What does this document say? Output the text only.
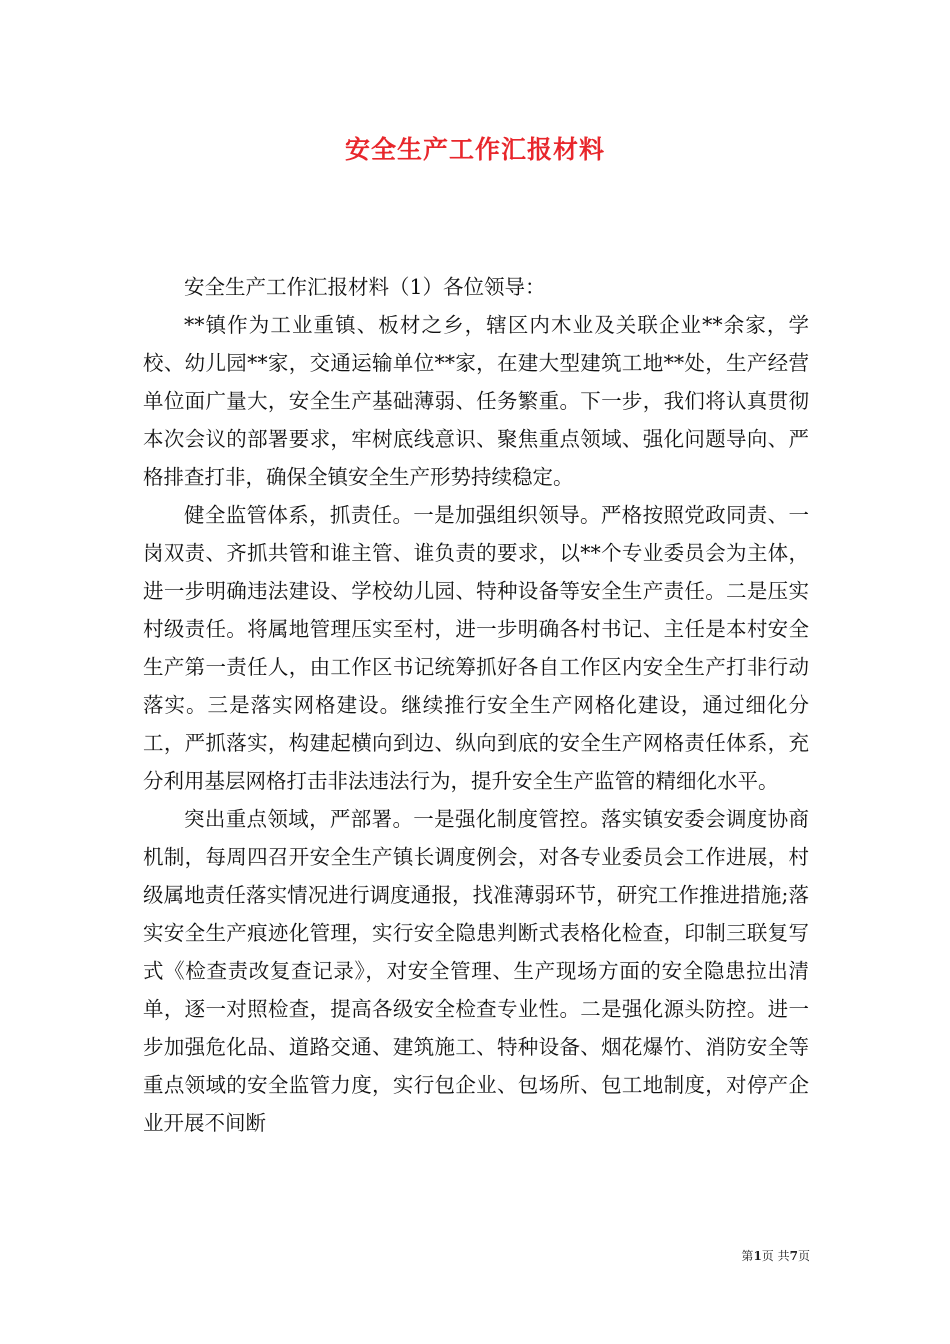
安全生产工作汇报材料

安全生产工作汇报材料（1）各位领导：

**镇作为工业重镇、板材之乡，辖区内木业及关联企业**余家，学校、幼儿园**家，交通运输单位**家，在建大型建筑工地**处，生产经营单位面广量大，安全生产基础薄弱、任务繁重。下一步，我们将认真贯彻本次会议的部署要求，牢树底线意识、聚焦重点领域、强化问题导向、严格排查打非，确保全镇安全生产形势持续稳定。

健全监管体系，抓责任。一是加强组织领导。严格按照党政同责、一岗双责、齐抓共管和谁主管、谁负责的要求，以**个专业委员会为主体，进一步明确违法建设、学校幼儿园、特种设备等安全生产责任。二是压实村级责任。将属地管理压实至村，进一步明确各村书记、主任是本村安全生产第一责任人，由工作区书记统筹抓好各自工作区内安全生产打非行动落实。三是落实网格建设。继续推行安全生产网格化建设，通过细化分工，严抓落实，构建起横向到边、纵向到底的安全生产网格责任体系，充分利用基层网格打击非法违法行为，提升安全生产监管的精细化水平。

突出重点领域，严部署。一是强化制度管控。落实镇安委会调度协商机制，每周四召开安全生产镇长调度例会，对各专业委员会工作进展，村级属地责任落实情况进行调度通报，找准薄弱环节，研究工作推进措施;落实安全生产痕迹化管理，实行安全隐患判断式表格化检查，印制三联复写式《检查责改复查记录》，对安全管理、生产现场方面的安全隐患拉出清单，逐一对照检查，提高各级安全检查专业性。二是强化源头防控。进一步加强危化品、道路交通、建筑施工、特种设备、烟花爆竹、消防安全等重点领域的安全监管力度，实行包企业、包场所、包工地制度，对停产企业开展不间断

第1页 共7页
